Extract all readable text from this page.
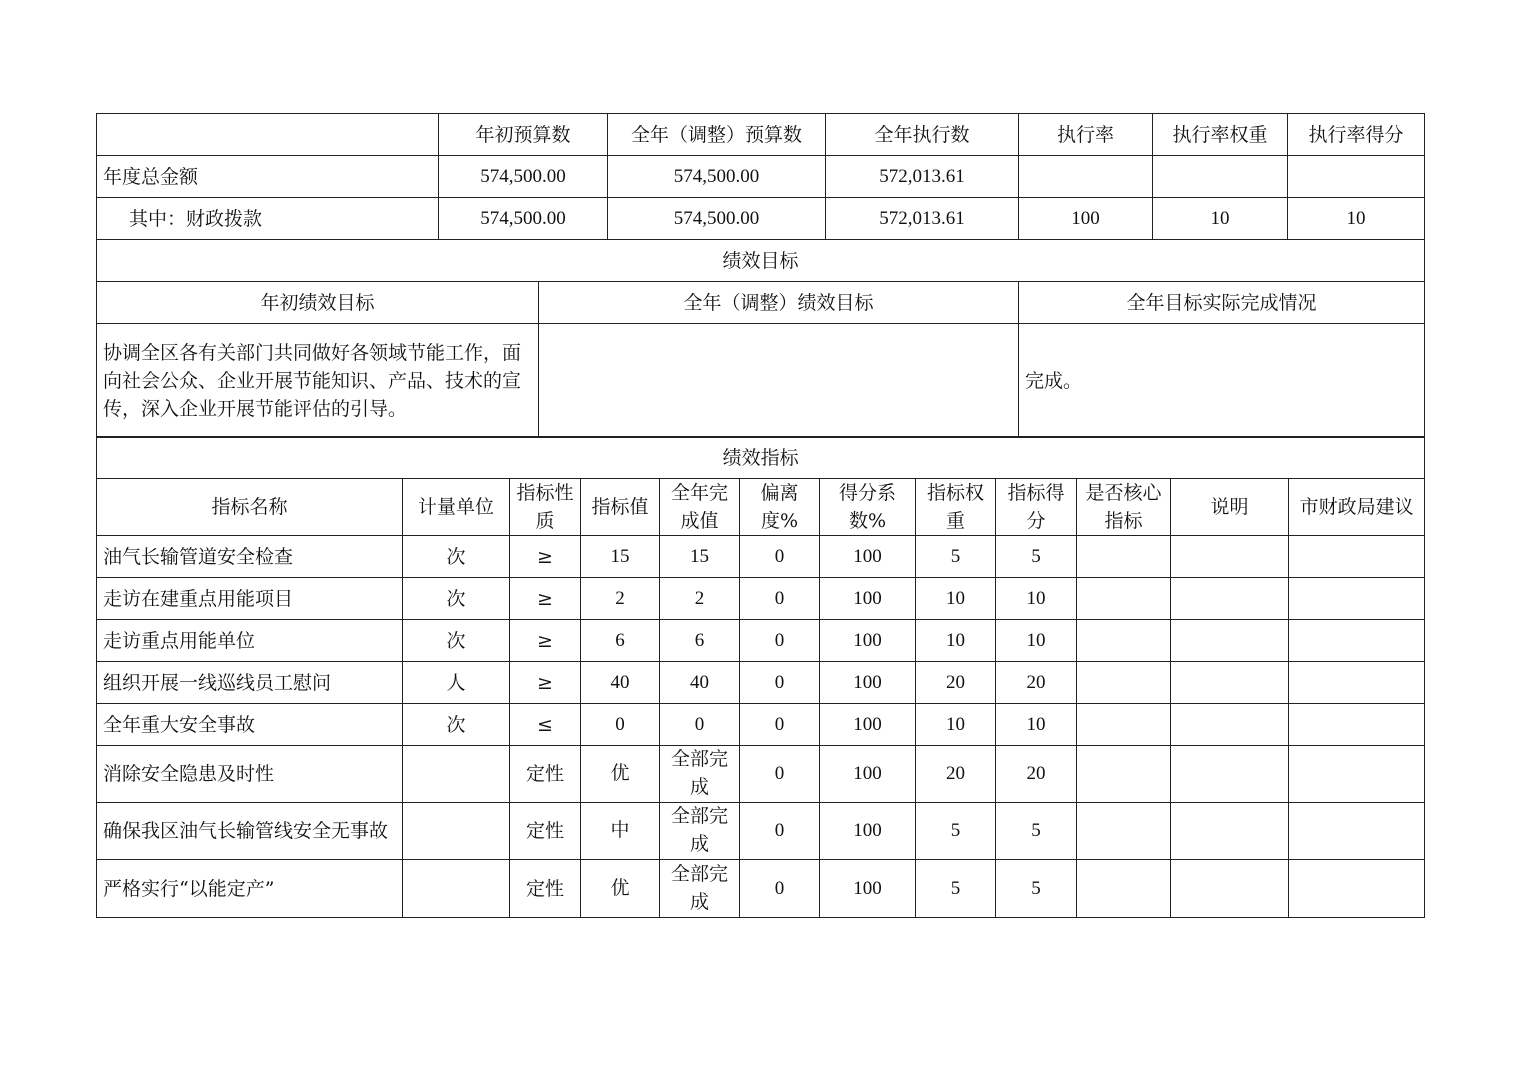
	年初预算数		全年（调整）预算数	全年执行数	执行率	执行率权重	执行率得分
年度总金额	574,500.00		574,500.00	572,013.61			
其中：财政拨款	574,500.00		574,500.00	572,013.61	100	10	10
绩效目标							
年初绩效目标		全年（调整）绩效目标			全年目标实际完成情况		
协调全区各有关部门共同做好各领域节能工作，面向社会公众、企业开展节能知识、产品、技术的宣传，深入企业开展节能评估的引导。					完成。		
绩效指标											
指标名称	计量单位	指标性质	指标值	全年完成值	偏离度%	得分系数%	指标权重	指标得分	是否核心指标	说明	市财政局建议
油气长输管道安全检查	次	≥	15	15	0	100	5	5			
走访在建重点用能项目	次	≥	2	2	0	100	10	10			
走访重点用能单位	次	≥	6	6	0	100	10	10			
组织开展一线巡线员工慰问	人	≥	40	40	0	100	20	20			
全年重大安全事故	次	≤	0	0	0	100	10	10			
消除安全隐患及时性		定性	优	全部完成	0	100	20	20			
确保我区油气长输管线安全无事故		定性	中	全部完成	0	100	5	5			
严格实行“以能定产”		定性	优	全部完成	0	100	5	5			
